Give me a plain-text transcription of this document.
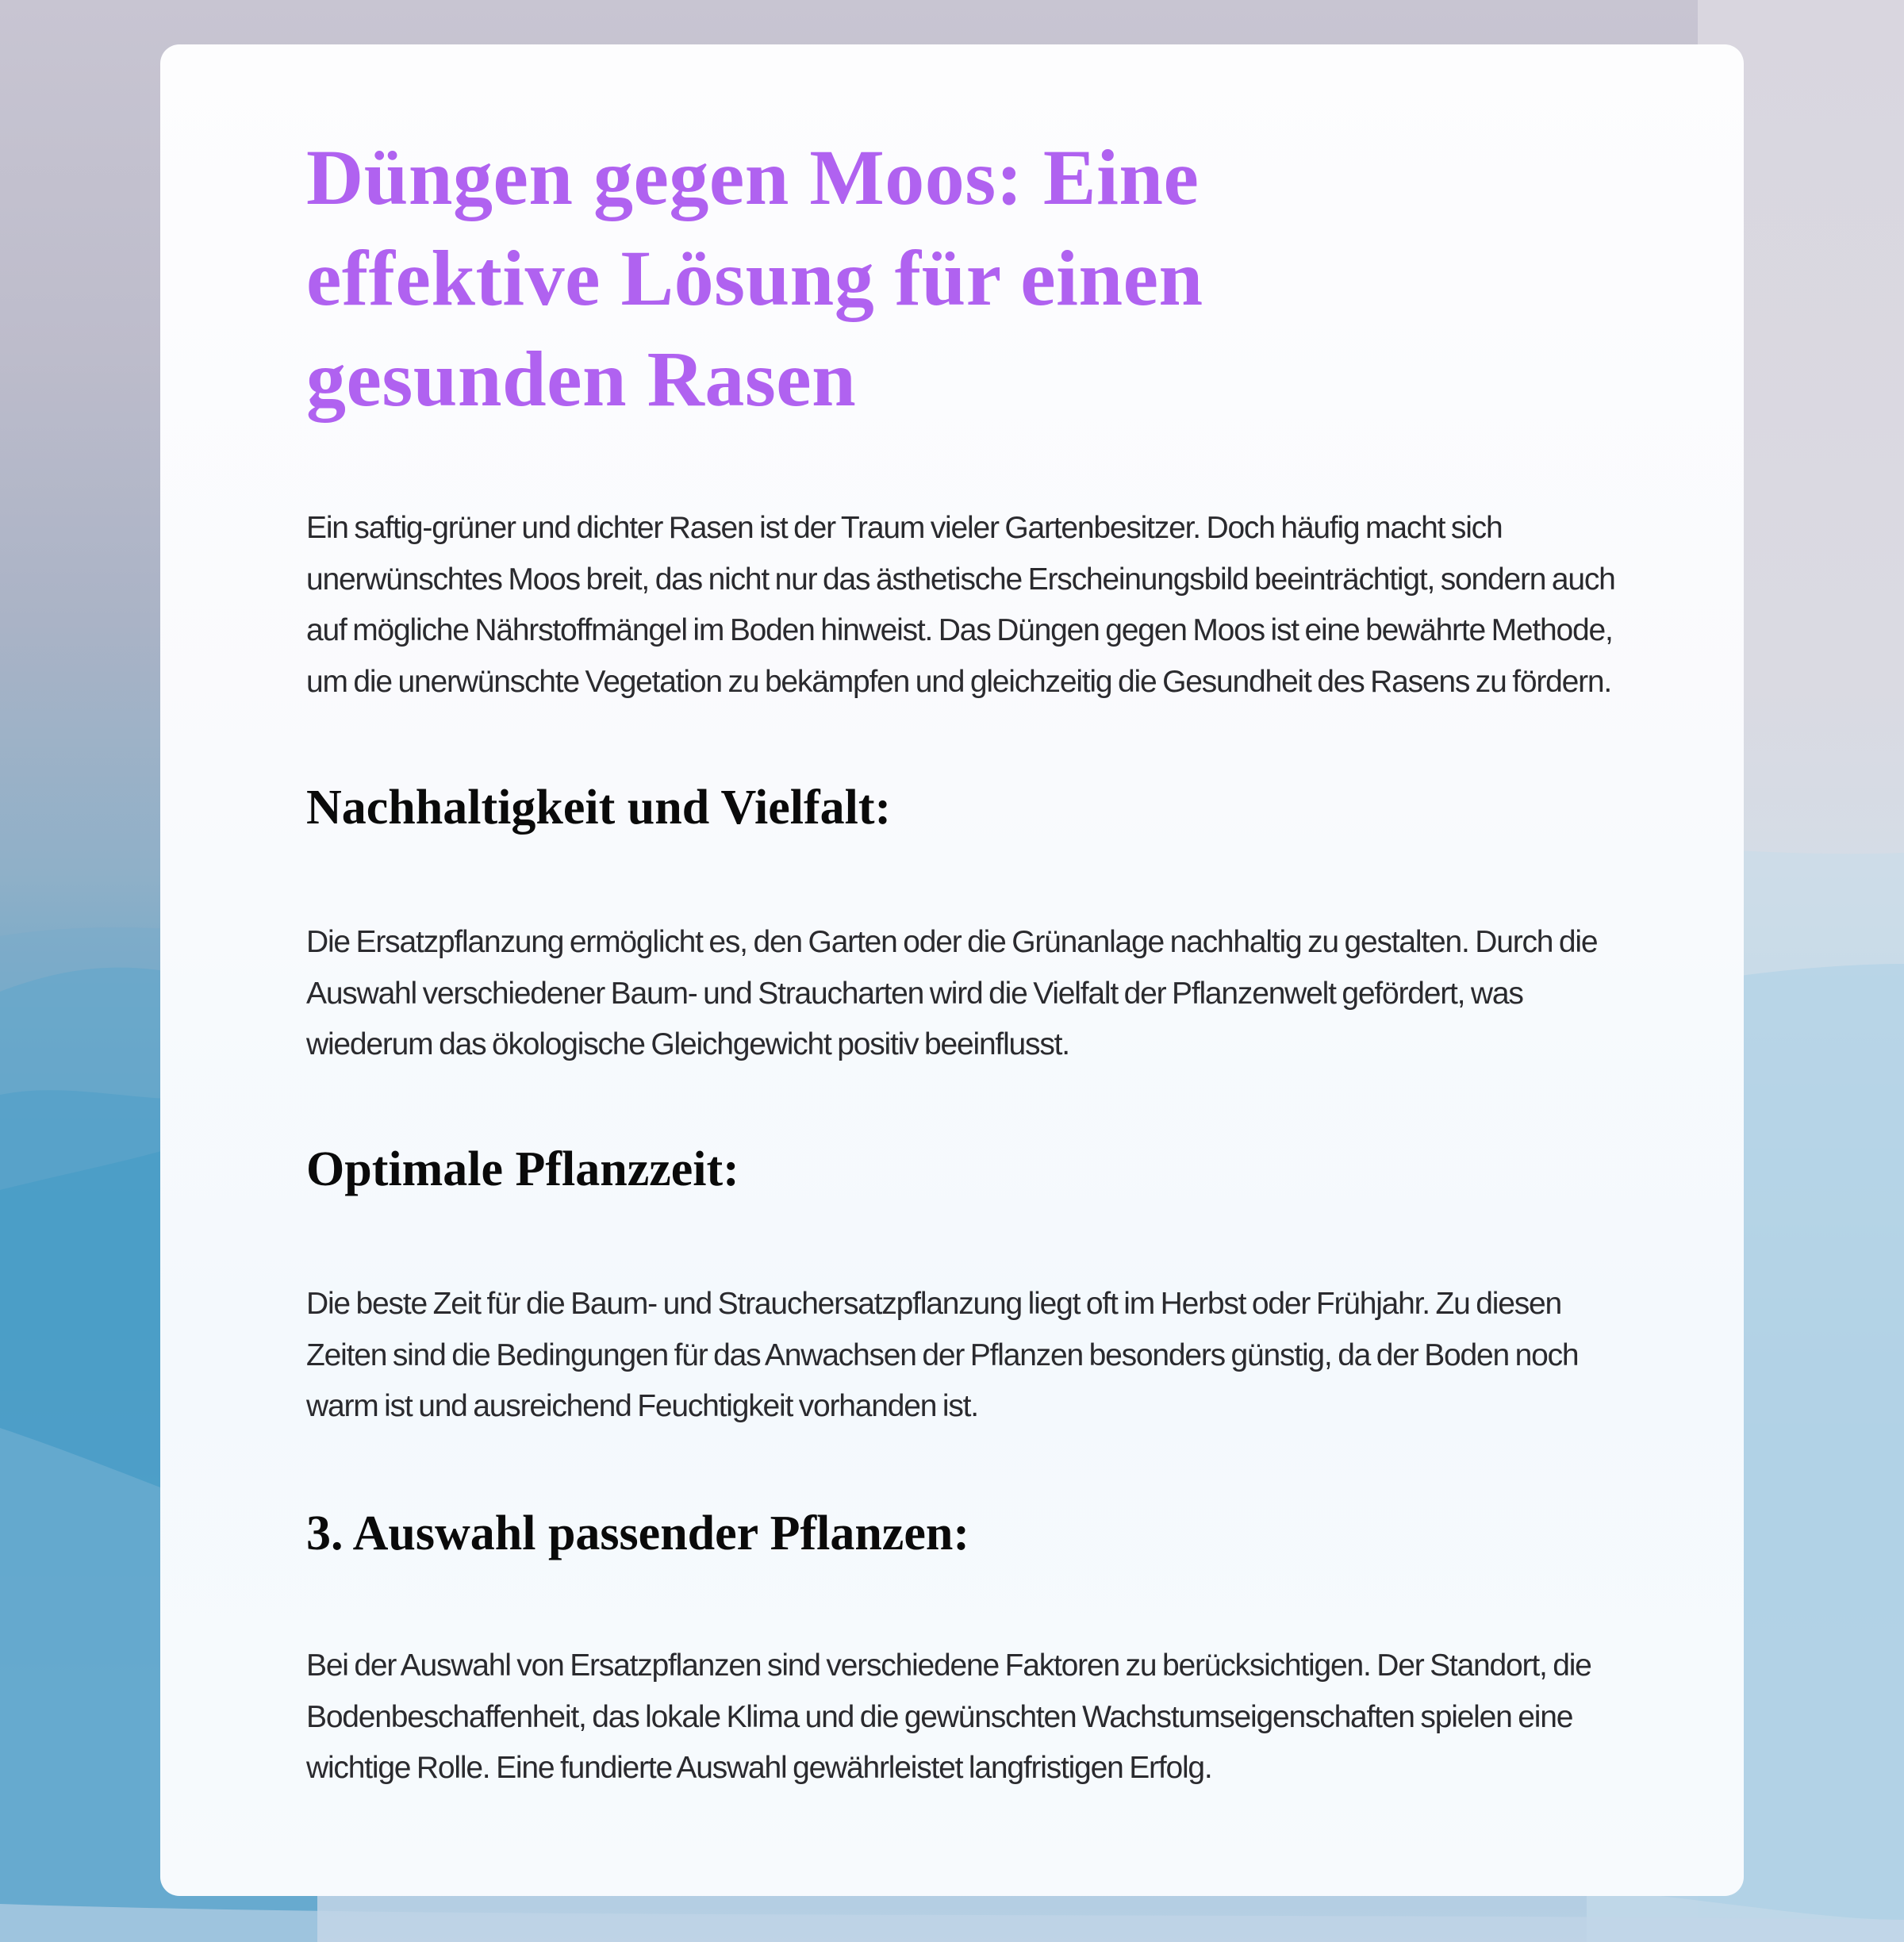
Düngen gegen Moos: Eine effektive Lösung für einen gesunden Rasen

Ein saftig-grüner und dichter Rasen ist der Traum vieler Gartenbesitzer. Doch häufig macht sich unerwünschtes Moos breit, das nicht nur das ästhetische Erscheinungsbild beeinträchtigt, sondern auch auf mögliche Nährstoffmängel im Boden hinweist. Das Düngen gegen Moos ist eine bewährte Methode, um die unerwünschte Vegetation zu bekämpfen und gleichzeitig die Gesundheit des Rasens zu fördern.

Nachhaltigkeit und Vielfalt:

Die Ersatzpflanzung ermöglicht es, den Garten oder die Grünanlage nachhaltig zu gestalten. Durch die Auswahl verschiedener Baum- und Straucharten wird die Vielfalt der Pflanzenwelt gefördert, was wiederum das ökologische Gleichgewicht positiv beeinflusst.

Optimale Pflanzzeit:

Die beste Zeit für die Baum- und Strauchersatzpflanzung liegt oft im Herbst oder Frühjahr. Zu diesen Zeiten sind die Bedingungen für das Anwachsen der Pflanzen besonders günstig, da der Boden noch warm ist und ausreichend Feuchtigkeit vorhanden ist.

3. Auswahl passender Pflanzen:

Bei der Auswahl von Ersatzpflanzen sind verschiedene Faktoren zu berücksichtigen. Der Standort, die Bodenbeschaffenheit, das lokale Klima und die gewünschten Wachstumseigenschaften spielen eine wichtige Rolle. Eine fundierte Auswahl gewährleistet langfristigen Erfolg.
